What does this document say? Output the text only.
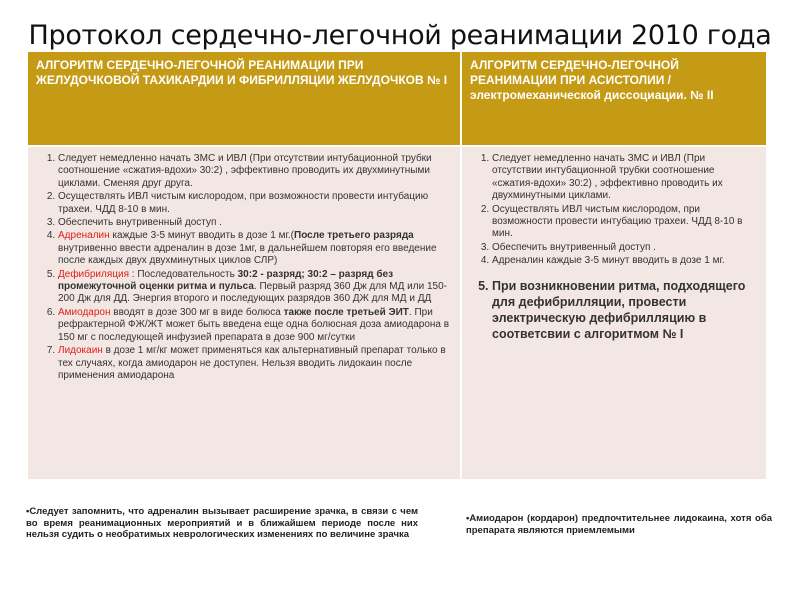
Протокол сердечно-легочной реанимации 2010 года
АЛГОРИТМ СЕРДЕЧНО-ЛЕГОЧНОЙ РЕАНИМАЦИИ ПРИ ЖЕЛУДОЧКОВОЙ ТАХИКАРДИИ И ФИБРИЛЛЯЦИИ ЖЕЛУДОЧКОВ № I
АЛГОРИТМ СЕРДЕЧНО-ЛЕГОЧНОЙ РЕАНИМАЦИИ ПРИ АСИСТОЛИИ /электромеханической диссоциации. № II
1. Следует немедленно начать ЗМС и ИВЛ (При отсутствии интубационной трубки соотношение «сжатия-вдохи» 30:2) , эффективно проводить их двухминутными циклами. Сменяя друг друга.
2. Осуществлять ИВЛ чистым кислородом, при возможности провести интубацию трахеи. ЧДД 8-10 в мин.
3. Обеспечить внутривенный доступ .
4. Адреналин каждые 3-5 минут вводить в дозе 1 мг.(После третьего разряда внутривенно ввести адреналин в дозе 1мг, в дальнейшем повторяя его введение после каждых двух двухминутных циклов СЛР)
5. Дефибриляция : Последовательность 30:2 - разряд; 30:2 – разряд без промежуточной оценки ритма и пульса. Первый разряд 360 Дж для МД или 150-200 Дж для ДД. Энергия второго и последующих разрядов 360 ДЖ для МД и ДД
6. Амиодарон вводят в дозе 300 мг в виде болюса также после третьей ЭИТ. При рефрактерной ФЖ/ЖТ может быть введена еще одна болюсная доза амиодарона в 150 мг с последующей инфузией препарата в дозе 900 мг/сутки
7. Лидокаин в дозе 1 мг/кг может применяться как альтернативный препарат только в тех случаях, когда амиодарон не доступен. Нельзя вводить лидокаин после применения амиодарона
1. Следует немедленно начать ЗМС и ИВЛ (При отсутствии интубационной трубки соотношение «сжатия-вдохи» 30:2) , эффективно проводить их двухминутными циклами.
2. Осуществлять ИВЛ чистым кислородом, при возможности провести интубацию трахеи. ЧДД 8-10 в мин.
3. Обеспечить внутривенный доступ .
4. Адреналин каждые 3-5 минут вводить в дозе 1 мг.
5. При возникновении ритма, подходящего для дефибрилляции, провести электрическую дефибрилляцию в соответсвии с алгоритмом № I
•Следует запомнить, что адреналин вызывает расширение зрачка, в связи с чем во время реанимационных мероприятий и в ближайшем периоде после них нельзя судить о необратимых неврологических изменениях по величине зрачка
•Амиодарон (кордарон) предпочтительнее лидокаина, хотя оба препарата являются приемлемыми
